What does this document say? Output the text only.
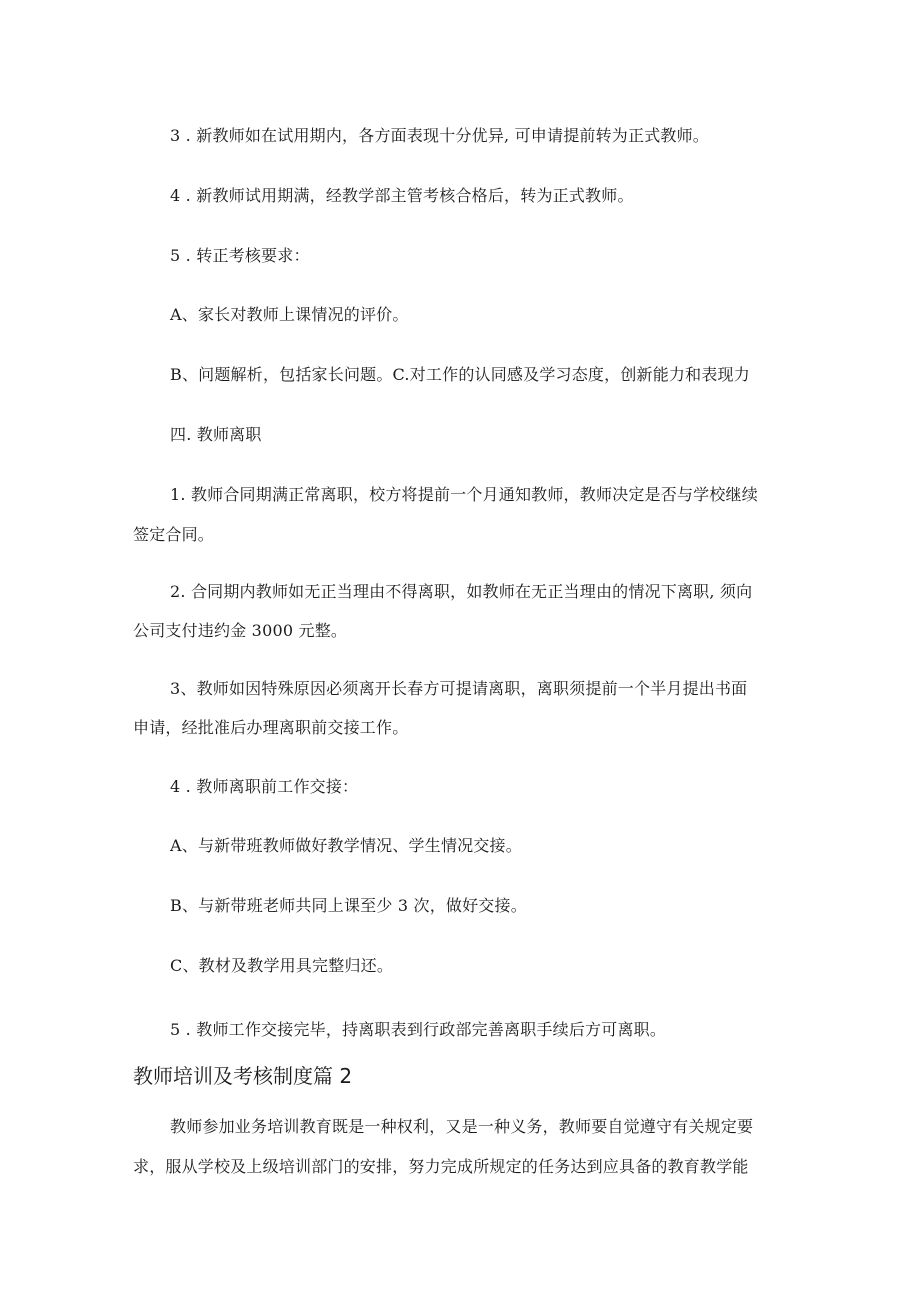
3 . 新教师如在试用期内，各方面表现十分优异, 可申请提前转为正式教师。
4 . 新教师试用期满，经教学部主管考核合格后，转为正式教师。
5 . 转正考核要求：
A、家长对教师上课情况的评价。
B、问题解析，包括家长问题。C.对工作的认同感及学习态度，创新能力和表现力
四. 教师离职
1. 教师合同期满正常离职，校方将提前一个月通知教师，教师决定是否与学校继续
签定合同。
2. 合同期内教师如无正当理由不得离职，如教师在无正当理由的情况下离职, 须向
公司支付违约金 3000 元整。
3、教师如因特殊原因必须离开长春方可提请离职，离职须提前一个半月提出书面
申请，经批准后办理离职前交接工作。
4 . 教师离职前工作交接：
A、与新带班教师做好教学情况、学生情况交接。
B、与新带班老师共同上课至少 3 次，做好交接。
C、教材及教学用具完整归还。
5 . 教师工作交接完毕，持离职表到行政部完善离职手续后方可离职。
教师培训及考核制度篇 2
教师参加业务培训教育既是一种权利，又是一种义务，教师要自觉遵守有关规定要
求，服从学校及上级培训部门的安排，努力完成所规定的任务达到应具备的教育教学能
